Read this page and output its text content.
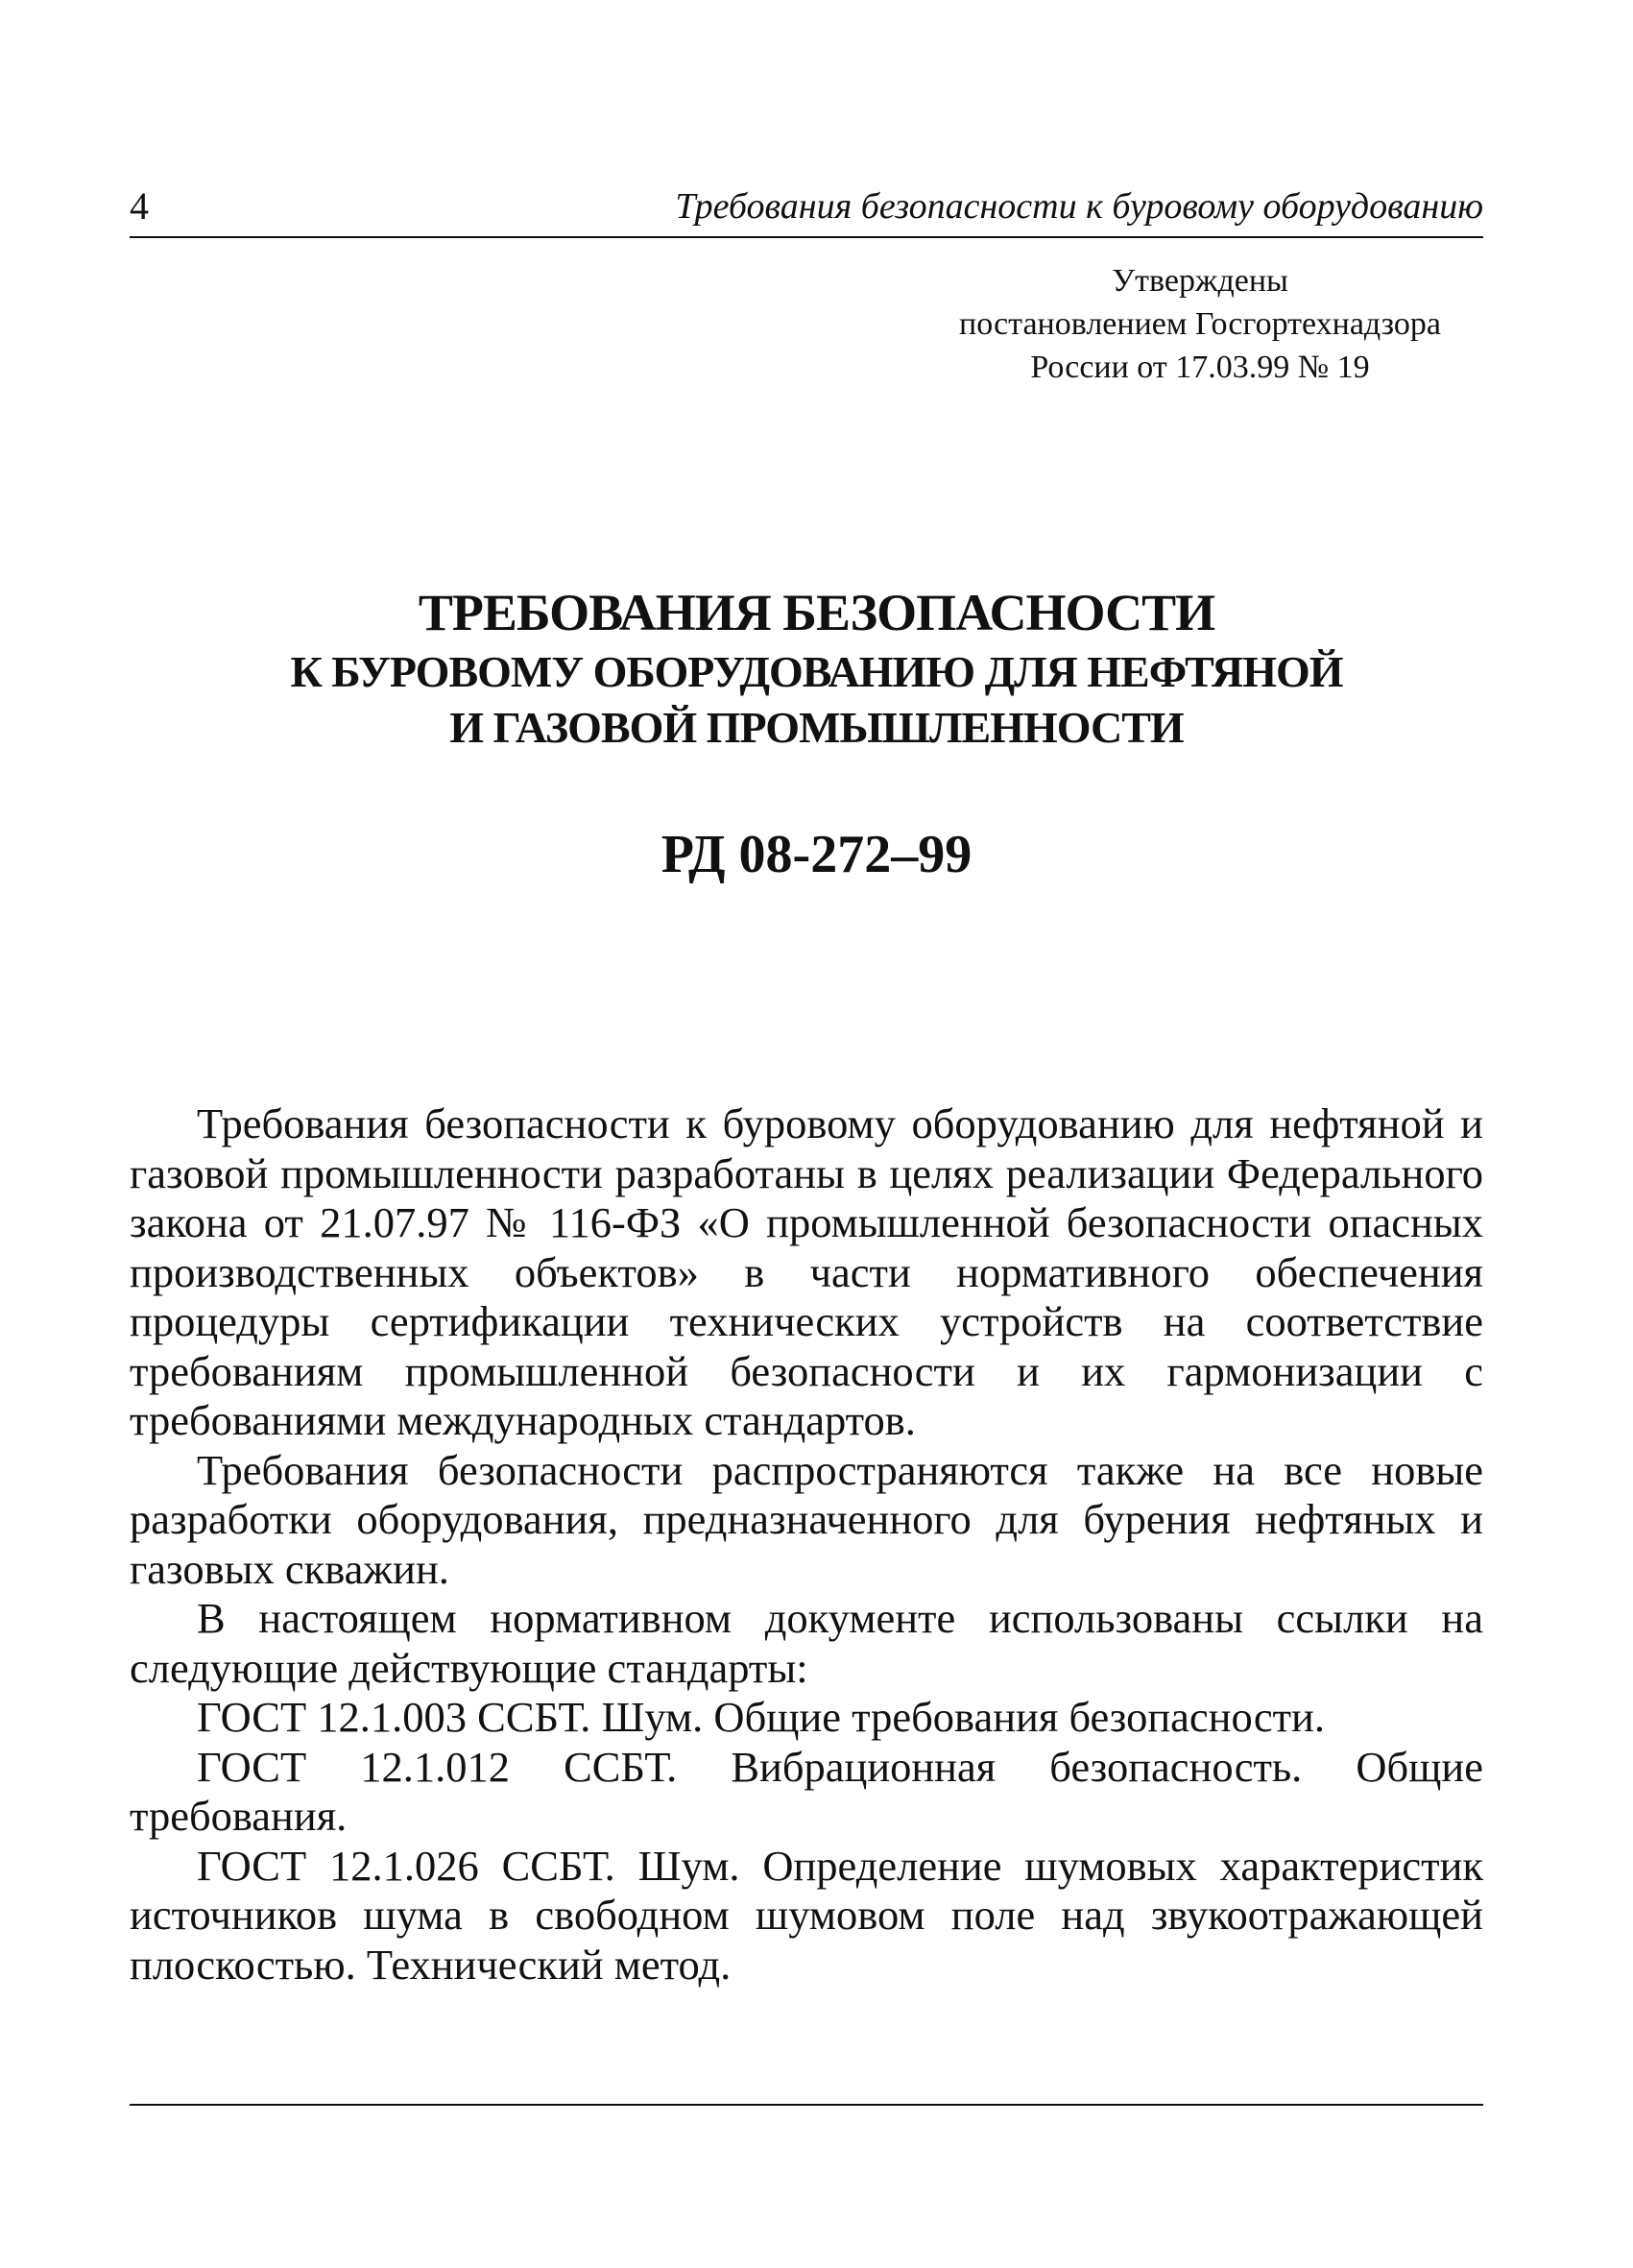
4	Требования безопасности к буровому оборудованию
Утверждены
постановлением Госгортехнадзора
России от 17.03.99 № 19
ТРЕБОВАНИЯ БЕЗОПАСНОСТИ
К БУРОВОМУ ОБОРУДОВАНИЮ ДЛЯ НЕФТЯНОЙ
И ГАЗОВОЙ ПРОМЫШЛЕННОСТИ
РД 08-272–99

Требования безопасности к буровому оборудованию для нефтяной и газовой промышленности разработаны в целях реализации Федерального закона от 21.07.97 № 116-ФЗ «О промышленной безопасности опасных производственных объектов» в части нормативного обеспечения процедуры сертификации технических устройств на соответствие требованиям промышленной безопасности и их гармонизации с требованиями международных стандартов.

Требования безопасности распространяются также на все новые разработки оборудования, предназначенного для бурения нефтяных и газовых скважин.

В настоящем нормативном документе использованы ссылки на следующие действующие стандарты:

ГОСТ 12.1.003 ССБТ. Шум. Общие требования безопасности.

ГОСТ 12.1.012 ССБТ. Вибрационная безопасность. Общие требования.

ГОСТ 12.1.026 ССБТ. Шум. Определение шумовых характеристик источников шума в свободном шумовом поле над звукоотражающей плоскостью. Технический метод.
